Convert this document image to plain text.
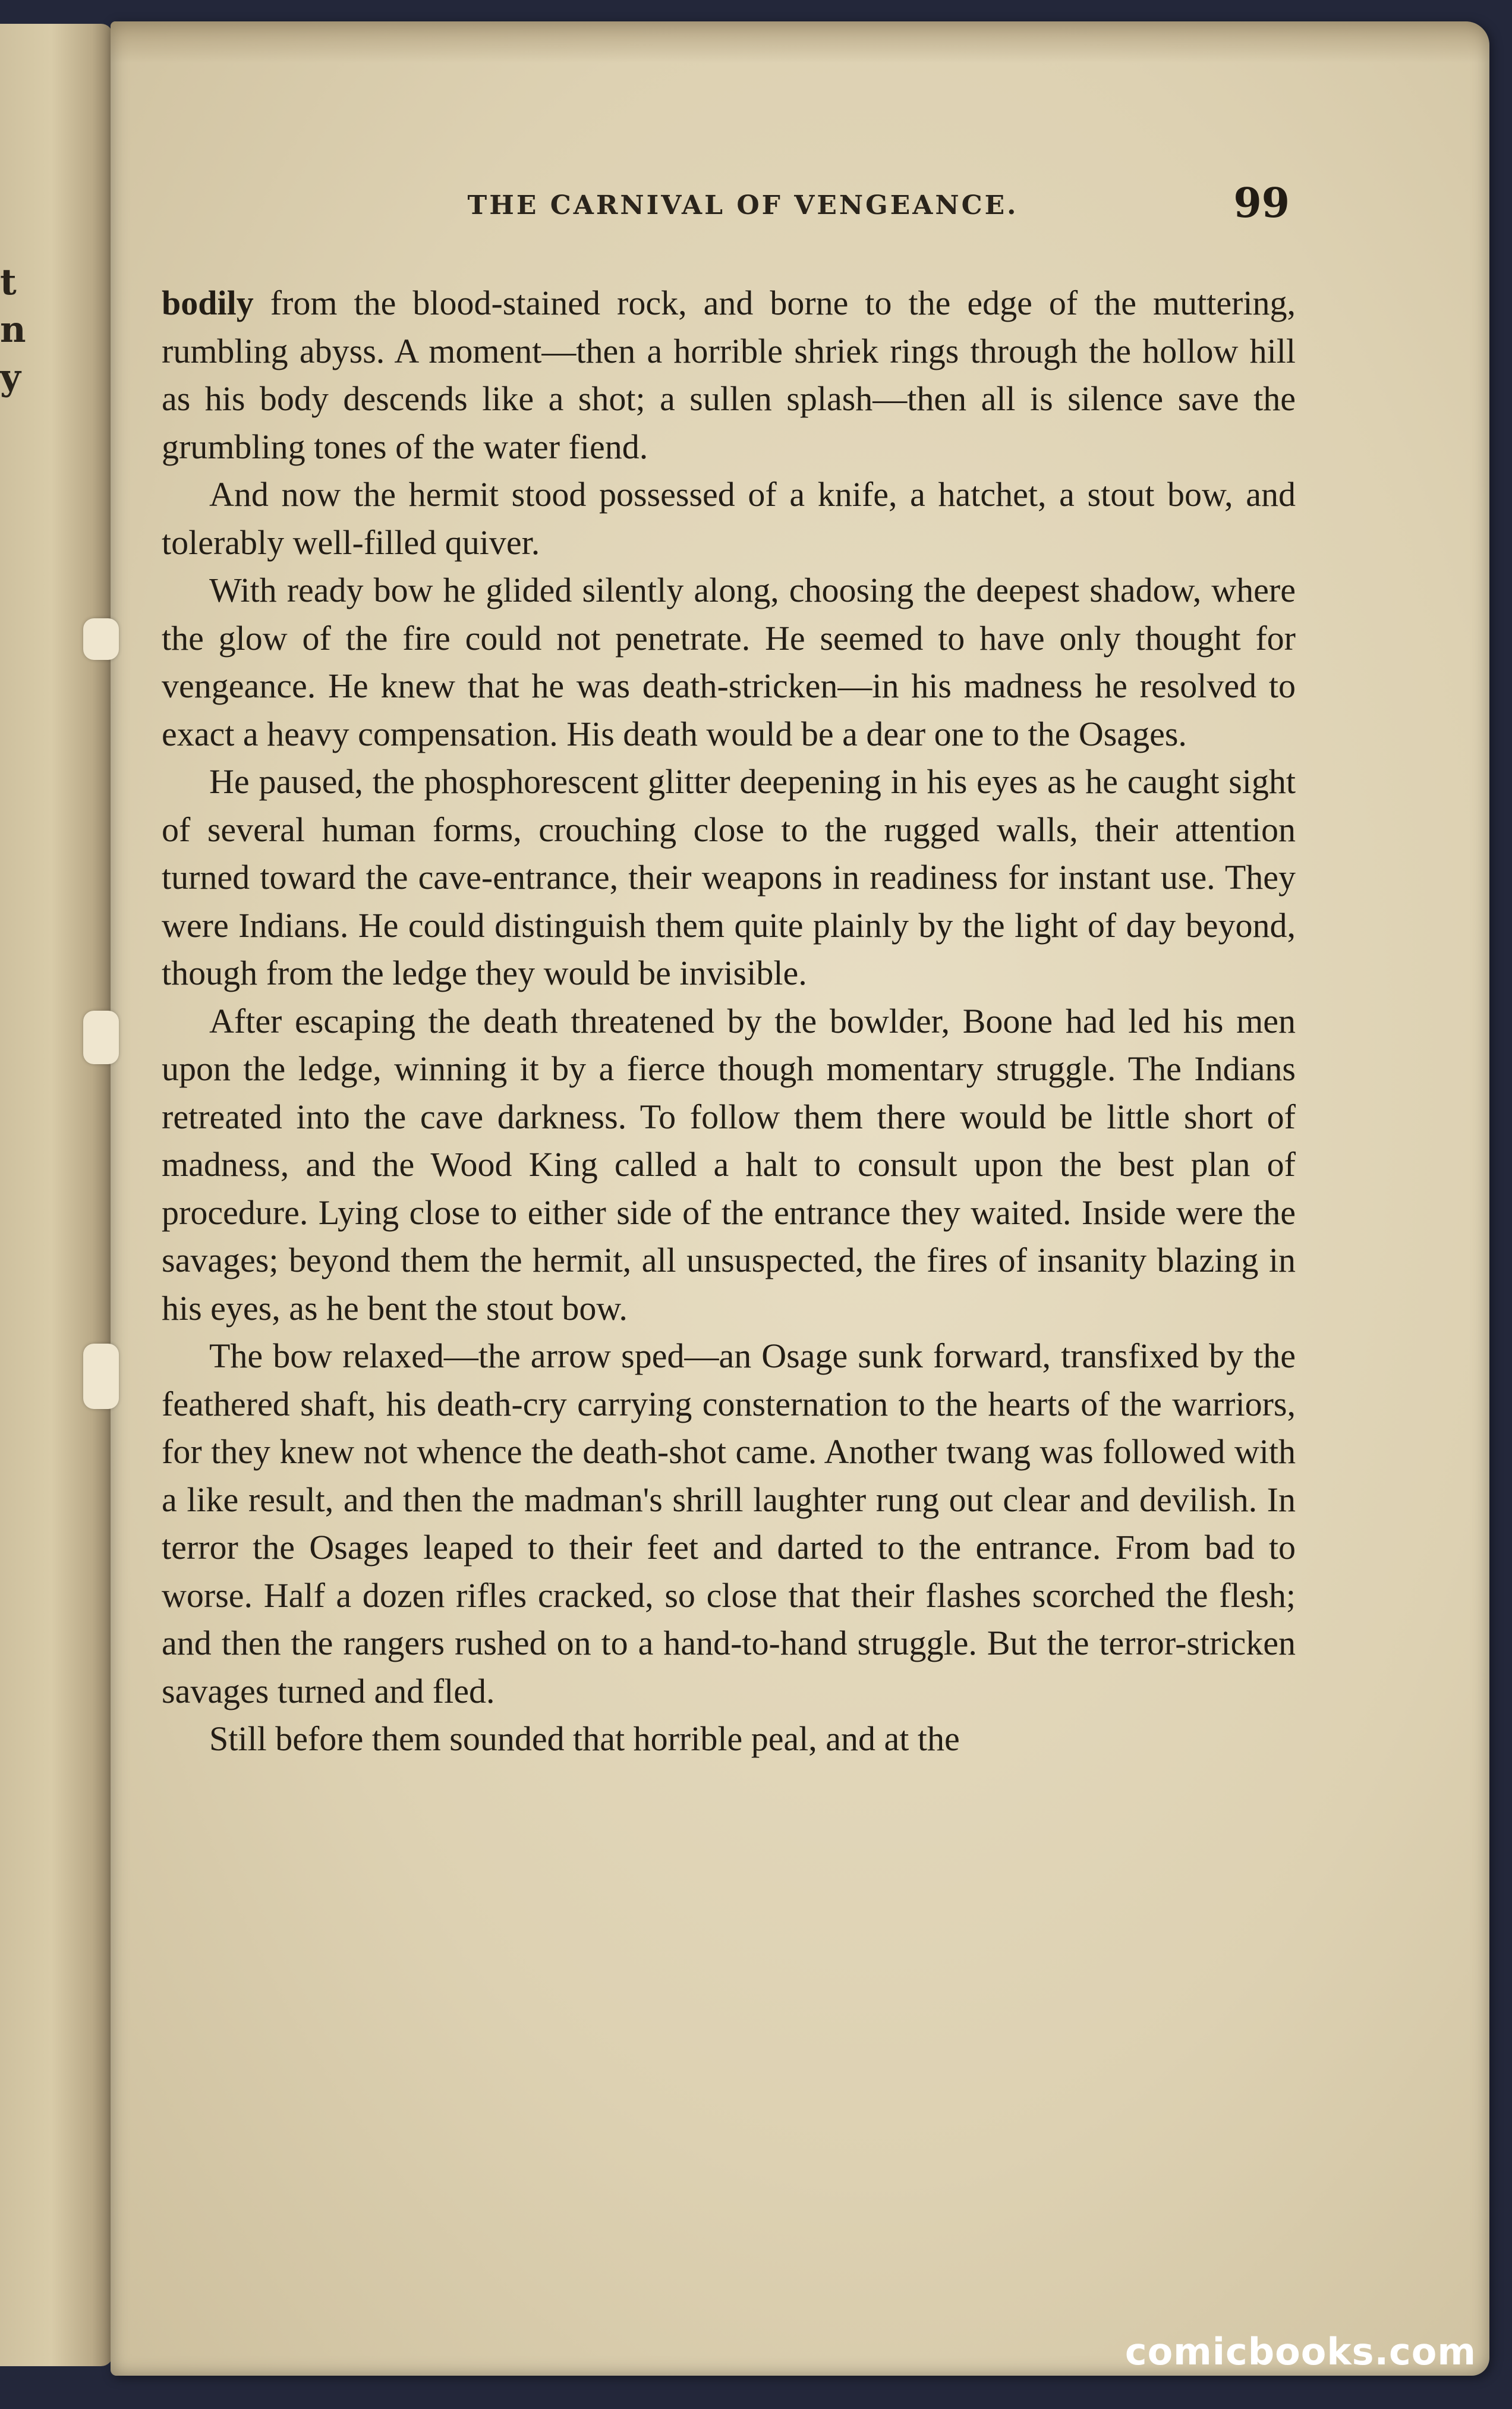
t
n
y
THE CARNIVAL OF VENGEANCE.	99

bodily from the blood-stained rock, and borne to the edge of the muttering, rumbling abyss. A moment—then a horrible shriek rings through the hollow hill as his body descends like a shot; a sullen splash—then all is silence save the grumbling tones of the water fiend.

And now the hermit stood possessed of a knife, a hatchet, a stout bow, and tolerably well-filled quiver.

With ready bow he glided silently along, choosing the deepest shadow, where the glow of the fire could not penetrate. He seemed to have only thought for vengeance. He knew that he was death-stricken—in his madness he resolved to exact a heavy compensation. His death would be a dear one to the Osages.

He paused, the phosphorescent glitter deepening in his eyes as he caught sight of several human forms, crouching close to the rugged walls, their attention turned toward the cave-entrance, their weapons in readiness for instant use. They were Indians. He could distinguish them quite plainly by the light of day beyond, though from the ledge they would be invisible.

After escaping the death threatened by the bowlder, Boone had led his men upon the ledge, winning it by a fierce though momentary struggle. The Indians retreated into the cave darkness. To follow them there would be little short of madness, and the Wood King called a halt to consult upon the best plan of procedure. Lying close to either side of the entrance they waited. Inside were the savages; beyond them the hermit, all unsuspected, the fires of insanity blazing in his eyes, as he bent the stout bow.

The bow relaxed—the arrow sped—an Osage sunk forward, transfixed by the feathered shaft, his death-cry carrying consternation to the hearts of the warriors, for they knew not whence the death-shot came. Another twang was followed with a like result, and then the madman's shrill laughter rung out clear and devilish. In terror the Osages leaped to their feet and darted to the entrance. From bad to worse. Half a dozen rifles cracked, so close that their flashes scorched the flesh; and then the rangers rushed on to a hand-to-hand struggle. But the terror-stricken savages turned and fled.

Still before them sounded that horrible peal, and at the

comicbooks.com
